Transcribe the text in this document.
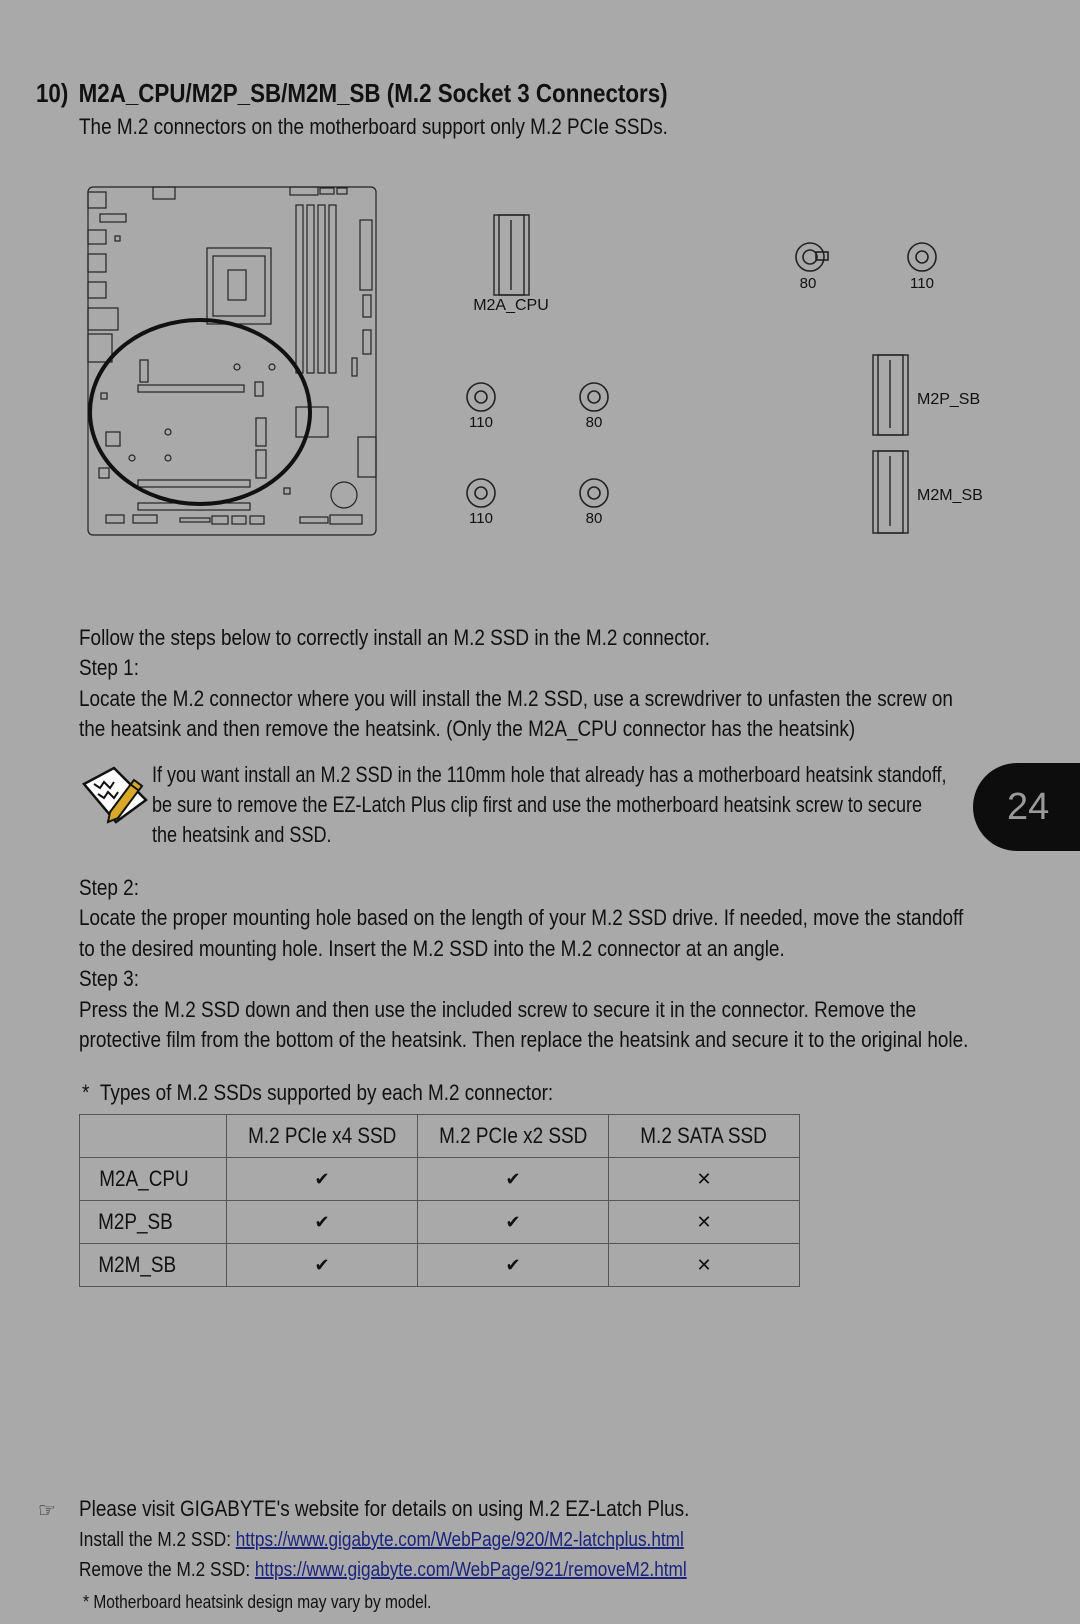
10) M2A_CPU/M2P_SB/M2M_SB (M.2 Socket 3 Connectors)
The M.2 connectors on the motherboard support only M.2 PCIe SSDs.
M2A_CPU
80	110
110	80
110	80
M2P_SB
M2M_SB
Follow the steps below to correctly install an M.2 SSD in the M.2 connector.
Step 1:
Locate the M.2 connector where you will install the M.2 SSD, use a screwdriver to unfasten the screw on
the heatsink and then remove the heatsink. (Only the M2A_CPU connector has the heatsink)
If you want install an M.2 SSD in the 110mm hole that already has a motherboard heatsink standoff,
be sure to remove the EZ-Latch Plus clip first and use the motherboard heatsink screw to secure
the heatsink and SSD.
Step 2:
Locate the proper mounting hole based on the length of your M.2 SSD drive. If needed, move the standoff
to the desired mounting hole. Insert the M.2 SSD into the M.2 connector at an angle.
Step 3:
Press the M.2 SSD down and then use the included screw to secure it in the connector. Remove the
protective film from the bottom of the heatsink. Then replace the heatsink and secure it to the original hole.
24
* Types of M.2 SSDs supported by each M.2 connector:
	M.2 PCIe x4 SSD	M.2 PCIe x2 SSD	M.2 SATA SSD
M2A_CPU	✔	✔	✕
M2P_SB	✔	✔	✕
M2M_SB	✔	✔	✕
☞ Please visit GIGABYTE's website for details on using M.2 EZ-Latch Plus.
Install the M.2 SSD: https://www.gigabyte.com/WebPage/920/M2-latchplus.html
Remove the M.2 SSD: https://www.gigabyte.com/WebPage/921/removeM2.html
* Motherboard heatsink design may vary by model.
